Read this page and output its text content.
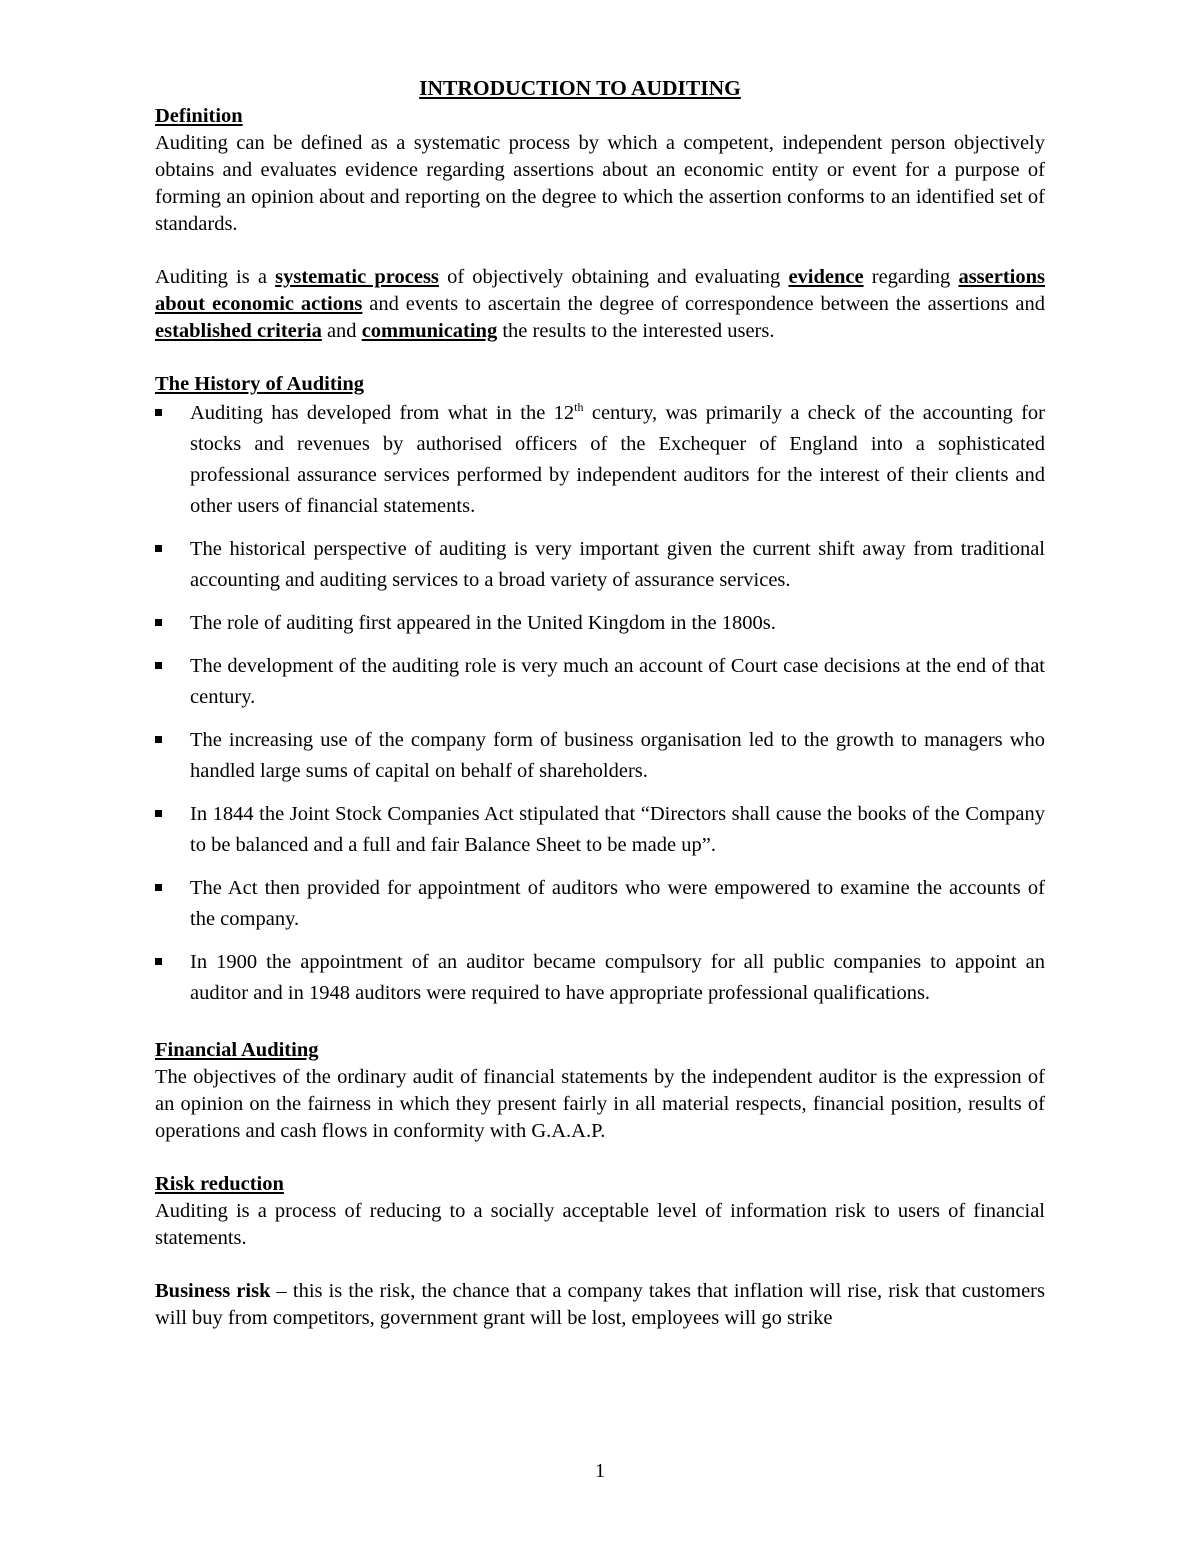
INTRODUCTION TO AUDITING

Definition

Auditing can be defined as a systematic process by which a competent, independent person objectively obtains and evaluates evidence regarding assertions about an economic entity or event for a purpose of forming an opinion about and reporting on the degree to which the assertion conforms to an identified set of standards.

Auditing is a systematic process of objectively obtaining and evaluating evidence regarding assertions about economic actions and events to ascertain the degree of correspondence between the assertions and established criteria and communicating the results to the interested users.

The History of Auditing

Auditing has developed from what in the 12th century, was primarily a check of the accounting for stocks and revenues by authorised officers of the Exchequer of England into a sophisticated professional assurance services performed by independent auditors for the interest of their clients and other users of financial statements.
The historical perspective of auditing is very important given the current shift away from traditional accounting and auditing services to a broad variety of assurance services.
The role of auditing first appeared in the United Kingdom in the 1800s.
The development of the auditing role is very much an account of Court case decisions at the end of that century.
The increasing use of the company form of business organisation led to the growth to managers who handled large sums of capital on behalf of shareholders.
In 1844 the Joint Stock Companies Act stipulated that “Directors shall cause the books of the Company to be balanced and a full and fair Balance Sheet to be made up”.
The Act then provided for appointment of auditors who were empowered to examine the accounts of the company.
In 1900 the appointment of an auditor became compulsory for all public companies to appoint an auditor and in 1948 auditors were required to have appropriate professional qualifications.

Financial Auditing

The objectives of the ordinary audit of financial statements by the independent auditor is the expression of an opinion on the fairness in which they present fairly in all material respects, financial position, results of operations and cash flows in conformity with G.A.A.P.

Risk reduction

Auditing is a process of reducing to a socially acceptable level of information risk to users of financial statements.

Business risk – this is the risk, the chance that a company takes that inflation will rise, risk that customers will buy from competitors, government grant will be lost, employees will go strike

1
